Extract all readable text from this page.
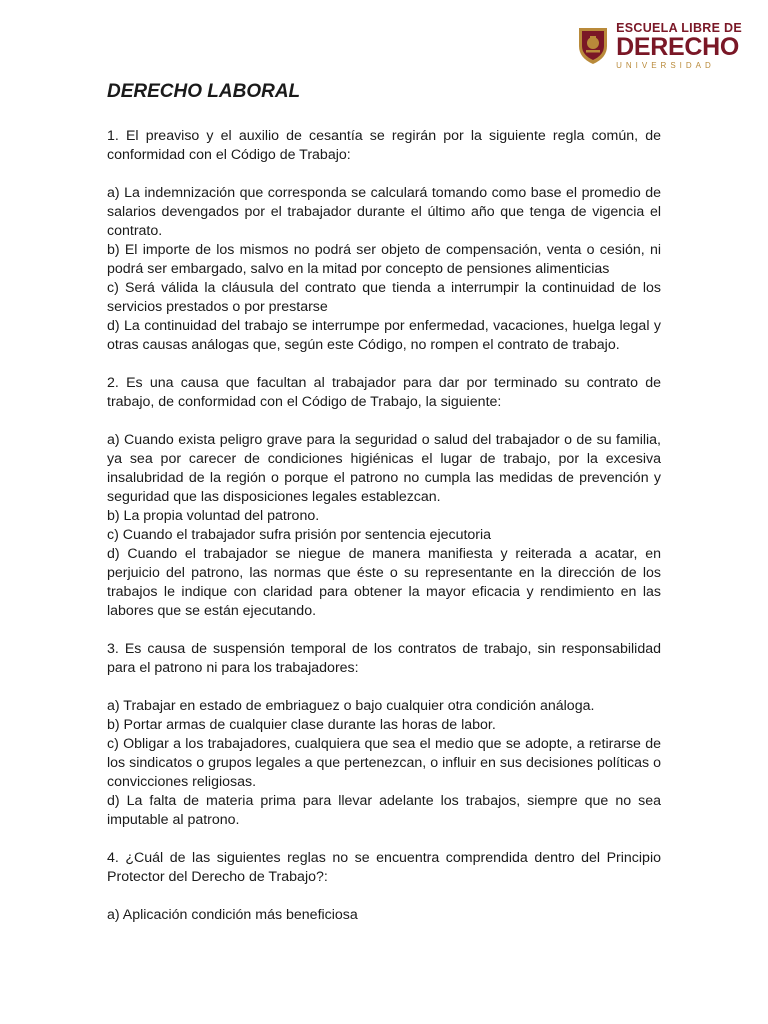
ESCUELA LIBRE DE
DERECHO
UNIVERSIDAD
DERECHO LABORAL

1. El preaviso y el auxilio de cesantía se regirán por la siguiente regla común, de conformidad con el Código de Trabajo:

a) La indemnización que corresponda se calculará tomando como base el promedio de salarios devengados por el trabajador durante el último año que tenga de vigencia el contrato.

b) El importe de los mismos no podrá ser objeto de compensación, venta o cesión, ni podrá ser embargado, salvo en la mitad por concepto de pensiones alimenticias

c) Será válida la cláusula del contrato que tienda a interrumpir la continuidad de los servicios prestados o por prestarse

d) La continuidad del trabajo se interrumpe por enfermedad, vacaciones, huelga legal y otras causas análogas que, según este Código, no rompen el contrato de trabajo.

2. Es una causa que facultan al trabajador para dar por terminado su contrato de trabajo, de conformidad con el Código de Trabajo, la siguiente:

a) Cuando exista peligro grave para la seguridad o salud del trabajador o de su familia, ya sea por carecer de condiciones higiénicas el lugar de trabajo, por la excesiva insalubridad de la región o porque el patrono no cumpla las medidas de prevención y seguridad que las disposiciones legales establezcan.

b) La propia voluntad del patrono.

c) Cuando el trabajador sufra prisión por sentencia ejecutoria

d) Cuando el trabajador se niegue de manera manifiesta y reiterada a acatar, en perjuicio del patrono, las normas que éste o su representante en la dirección de los trabajos le indique con claridad para obtener la mayor eficacia y rendimiento en las labores que se están ejecutando.

3. Es causa de suspensión temporal de los contratos de trabajo, sin responsabilidad para el patrono ni para los trabajadores:

a) Trabajar en estado de embriaguez o bajo cualquier otra condición análoga.

b) Portar armas de cualquier clase durante las horas de labor.

c) Obligar a los trabajadores, cualquiera que sea el medio que se adopte, a retirarse de los sindicatos o grupos legales a que pertenezcan, o influir en sus decisiones políticas o convicciones religiosas.

d) La falta de materia prima para llevar adelante los trabajos, siempre que no sea imputable al patrono.

4. ¿Cuál de las siguientes reglas no se encuentra comprendida dentro del Principio Protector del Derecho de Trabajo?:

a) Aplicación condición más beneficiosa
